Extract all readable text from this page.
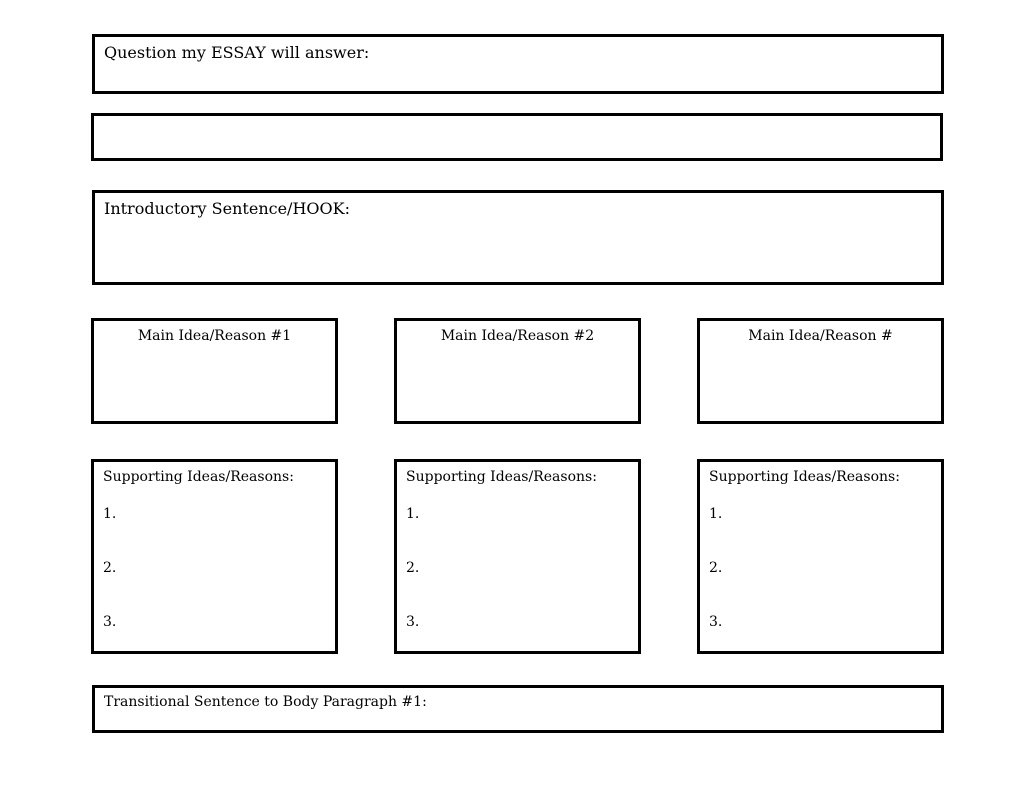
Question my ESSAY will answer:
Introductory Sentence/HOOK:
Main Idea/Reason #1	Main Idea/Reason #2	Main Idea/Reason #
Supporting Ideas/Reasons:
1.
2.
3.
Supporting Ideas/Reasons:
1.
2.
3.
Supporting Ideas/Reasons:
1.
2.
3.
Transitional Sentence to Body Paragraph #1:
